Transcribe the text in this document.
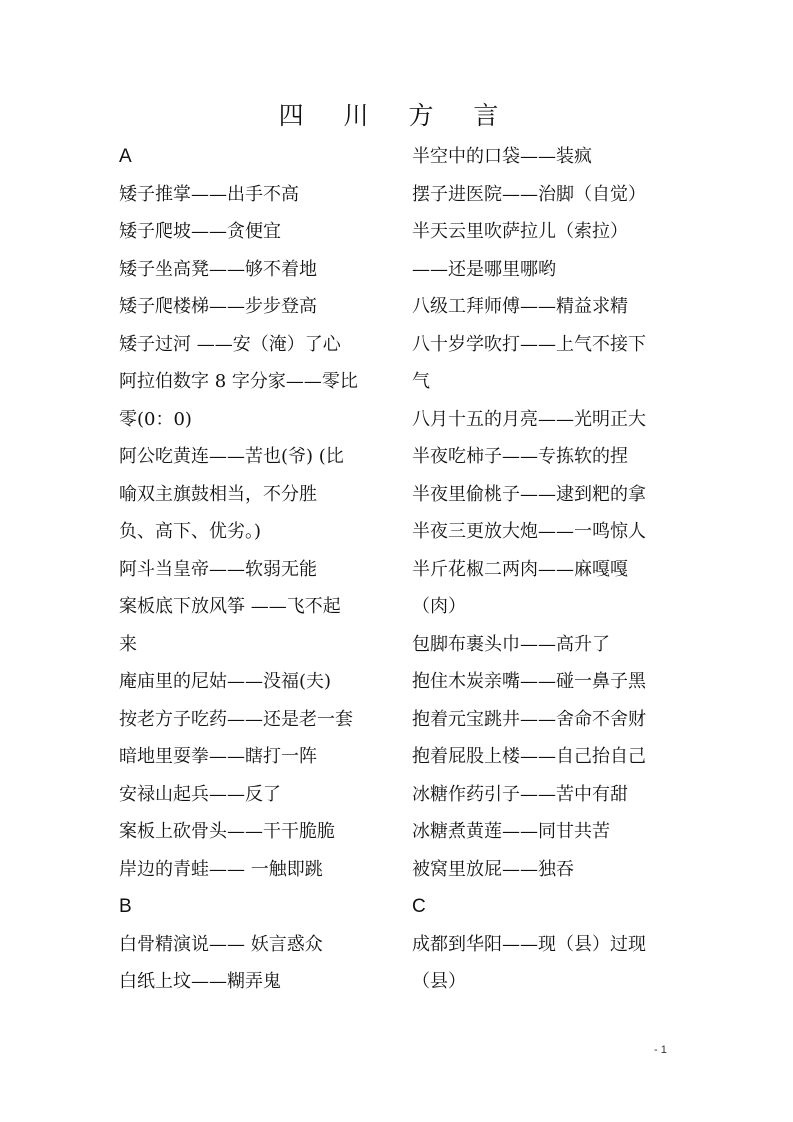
四 川 方 言
A
矮子推掌——出手不高
矮子爬坡——贪便宜
矮子坐高凳——够不着地
矮子爬楼梯——步步登高
矮子过河 ——安（淹）了心
阿拉伯数字 8 字分家——零比
零(0：0)
阿公吃黄连——苦也(爷) (比
喻双主旗鼓相当，不分胜
负、高下、优劣。)
阿斗当皇帝——软弱无能
案板底下放风筝 ——飞不起
来
庵庙里的尼姑——没福(夫)
按老方子吃药——还是老一套
暗地里耍拳——瞎打一阵
安禄山起兵——反了
案板上砍骨头——干干脆脆
岸边的青蛙—— 一触即跳
B
白骨精演说—— 妖言惑众
白纸上坟——糊弄鬼
半空中的口袋——装疯
摆子进医院——治脚（自觉）
半天云里吹萨拉儿（索拉）
——还是哪里哪哟
八级工拜师傅——精益求精
八十岁学吹打——上气不接下
气
八月十五的月亮——光明正大
半夜吃柿子——专拣软的捏
半夜里偷桃子——逮到粑的拿
半夜三更放大炮——一鸣惊人
半斤花椒二两肉——麻嘎嘎
（肉）
包脚布裹头巾——高升了
抱住木炭亲嘴——碰一鼻子黑
抱着元宝跳井——舍命不舍财
抱着屁股上楼——自己抬自己
冰糖作药引子——苦中有甜
冰糖煮黄莲——同甘共苦
被窝里放屁——独吞
C
成都到华阳——现（县）过现
（县）
- 1
